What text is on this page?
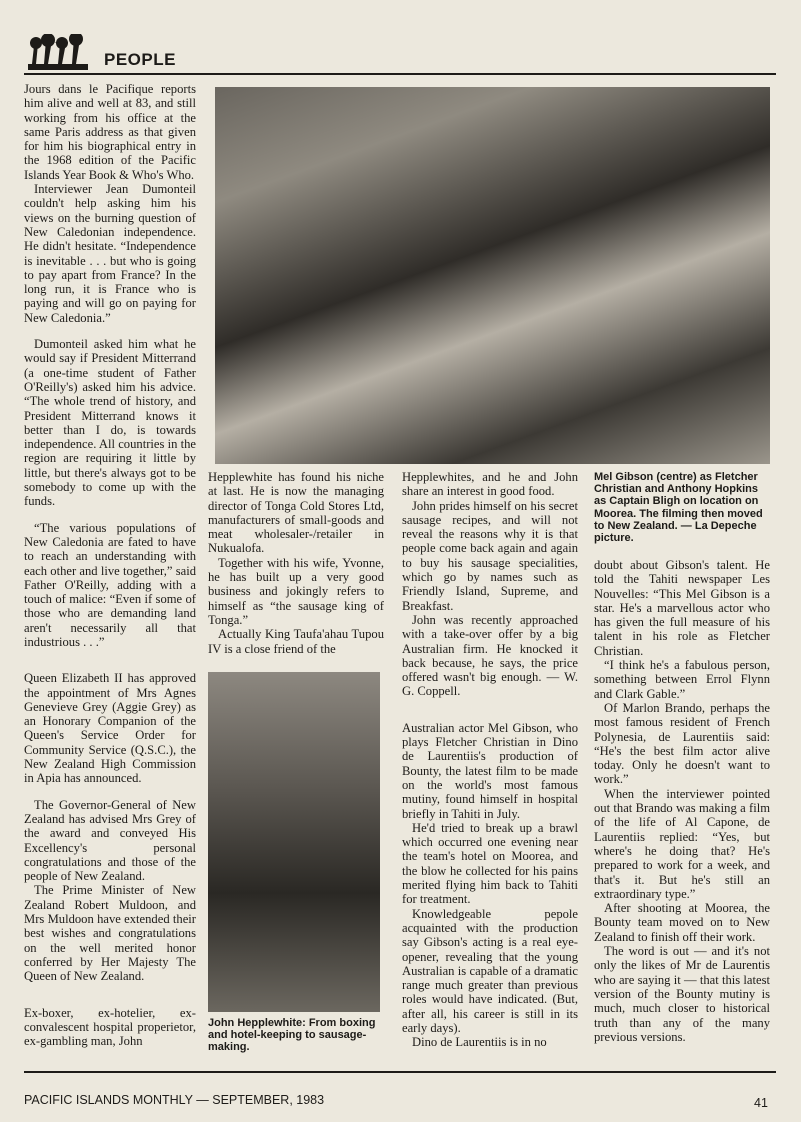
PEOPLE

Jours dans le Pacifique reports him alive and well at 83, and still working from his office at the same Paris address as that given for him his biographical entry in the 1968 edition of the Pacific Islands Year Book & Who's Who.

Interviewer Jean Dumonteil couldn't help asking him his views on the burning question of New Caledonian independence. He didn't hesitate. “Independence is inevitable . . . but who is going to pay apart from France? In the long run, it is France who is paying and will go on paying for New Caledonia.”

Dumonteil asked him what he would say if President Mitterrand (a one-time student of Father O'Reilly's) asked him his advice. “The whole trend of history, and President Mitterrand knows it better than I do, is towards independence. All countries in the region are requiring it little by little, but there's always got to be somebody to come up with the funds.

“The various populations of New Caledonia are fated to have to reach an understanding with each other and live together,” said Father O'Reilly, adding with a touch of malice: “Even if some of those who are demanding land aren't necessarily all that industrious . . .”

Queen Elizabeth II has approved the appointment of Mrs Agnes Genevieve Grey (Aggie Grey) as an Honorary Companion of the Queen's Service Order for Community Service (Q.S.C.), the New Zealand High Commission in Apia has announced.

The Governor-General of New Zealand has advised Mrs Grey of the award and conveyed His Excellency's personal congratulations and those of the people of New Zealand.

The Prime Minister of New Zealand Robert Muldoon, and Mrs Muldoon have extended their best wishes and congratulations on the well merited honor conferred by Her Majesty The Queen of New Zealand.

Ex-boxer, ex-hotelier, ex-convalescent hospital properietor, ex-gambling man, John

Hepplewhite has found his niche at last. He is now the managing director of Tonga Cold Stores Ltd, manufacturers of small-goods and meat wholesaler-/retailer in Nukualofa.

Together with his wife, Yvonne, he has built up a very good business and jokingly refers to himself as “the sausage king of Tonga.”

Actually King Taufa'ahau Tupou IV is a close friend of the

John Hepplewhite: From boxing and hotel-keeping to sausage-making.

Hepplewhites, and he and John share an interest in good food.

John prides himself on his secret sausage recipes, and will not reveal the reasons why it is that people come back again and again to buy his sausage specialities, which go by names such as Friendly Island, Supreme, and Breakfast.

John was recently approached with a take-over offer by a big Australian firm. He knocked it back because, he says, the price offered wasn't big enough. — W. G. Coppell.

Australian actor Mel Gibson, who plays Fletcher Christian in Dino de Laurentiis's production of Bounty, the latest film to be made on the world's most famous mutiny, found himself in hospital briefly in Tahiti in July.

He'd tried to break up a brawl which occurred one evening near the team's hotel on Moorea, and the blow he collected for his pains merited flying him back to Tahiti for treatment.

Knowledgeable pepole acquainted with the production say Gibson's acting is a real eye-opener, revealing that the young Australian is capable of a dramatic range much greater than previous roles would have indicated. (But, after all, his career is still in its early days).

Dino de Laurentiis is in no

Mel Gibson (centre) as Fletcher Christian and Anthony Hopkins as Captain Bligh on location on Moorea. The filming then moved to New Zealand. — La Depeche picture.

doubt about Gibson's talent. He told the Tahiti newspaper Les Nouvelles: “This Mel Gibson is a star. He's a marvellous actor who has given the full measure of his talent in his role as Fletcher Christian.

“I think he's a fabulous person, something between Errol Flynn and Clark Gable.”

Of Marlon Brando, perhaps the most famous resident of French Polynesia, de Laurentiis said: “He's the best film actor alive today. Only he doesn't want to work.”

When the interviewer pointed out that Brando was making a film of the life of Al Capone, de Laurentiis replied: “Yes, but where's he doing that? He's prepared to work for a week, and that's it. But he's still an extraordinary type.”

After shooting at Moorea, the Bounty team moved on to New Zealand to finish off their work.

The word is out — and it's not only the likes of Mr de Laurentis who are saying it — that this latest version of the Bounty mutiny is much, much closer to historical truth than any of the many previous versions.

PACIFIC ISLANDS MONTHLY — SEPTEMBER, 1983	41
